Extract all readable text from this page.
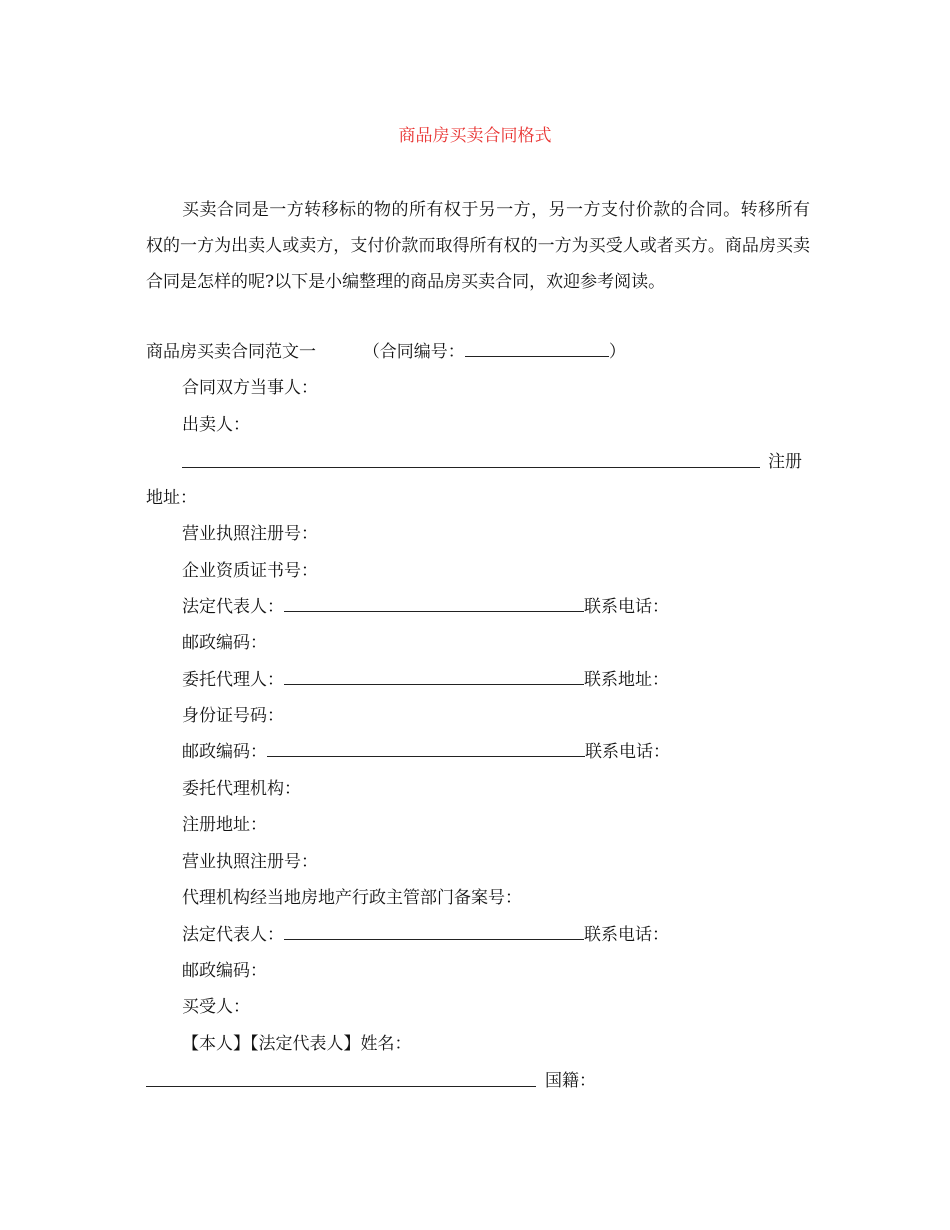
商品房买卖合同格式
买卖合同是一方转移标的物的所有权于另一方，另一方支付价款的合同。转移所有权的一方为出卖人或卖方，支付价款而取得所有权的一方为买受人或者买方。商品房买卖合同是怎样的呢?以下是小编整理的商品房买卖合同，欢迎参考阅读。
商品房买卖合同范文一	（合同编号：	）
合同双方当事人：
出卖人：
注册
地址：
营业执照注册号：
企业资质证书号：
法定代表人：	联系电话：
邮政编码：
委托代理人：	联系地址：
身份证号码：
邮政编码：	联系电话：
委托代理机构：
注册地址：
营业执照注册号：
代理机构经当地房地产行政主管部门备案号：
法定代表人：	联系电话：
邮政编码：
买受人：
【本人】【法定代表人】姓名：
国籍：
